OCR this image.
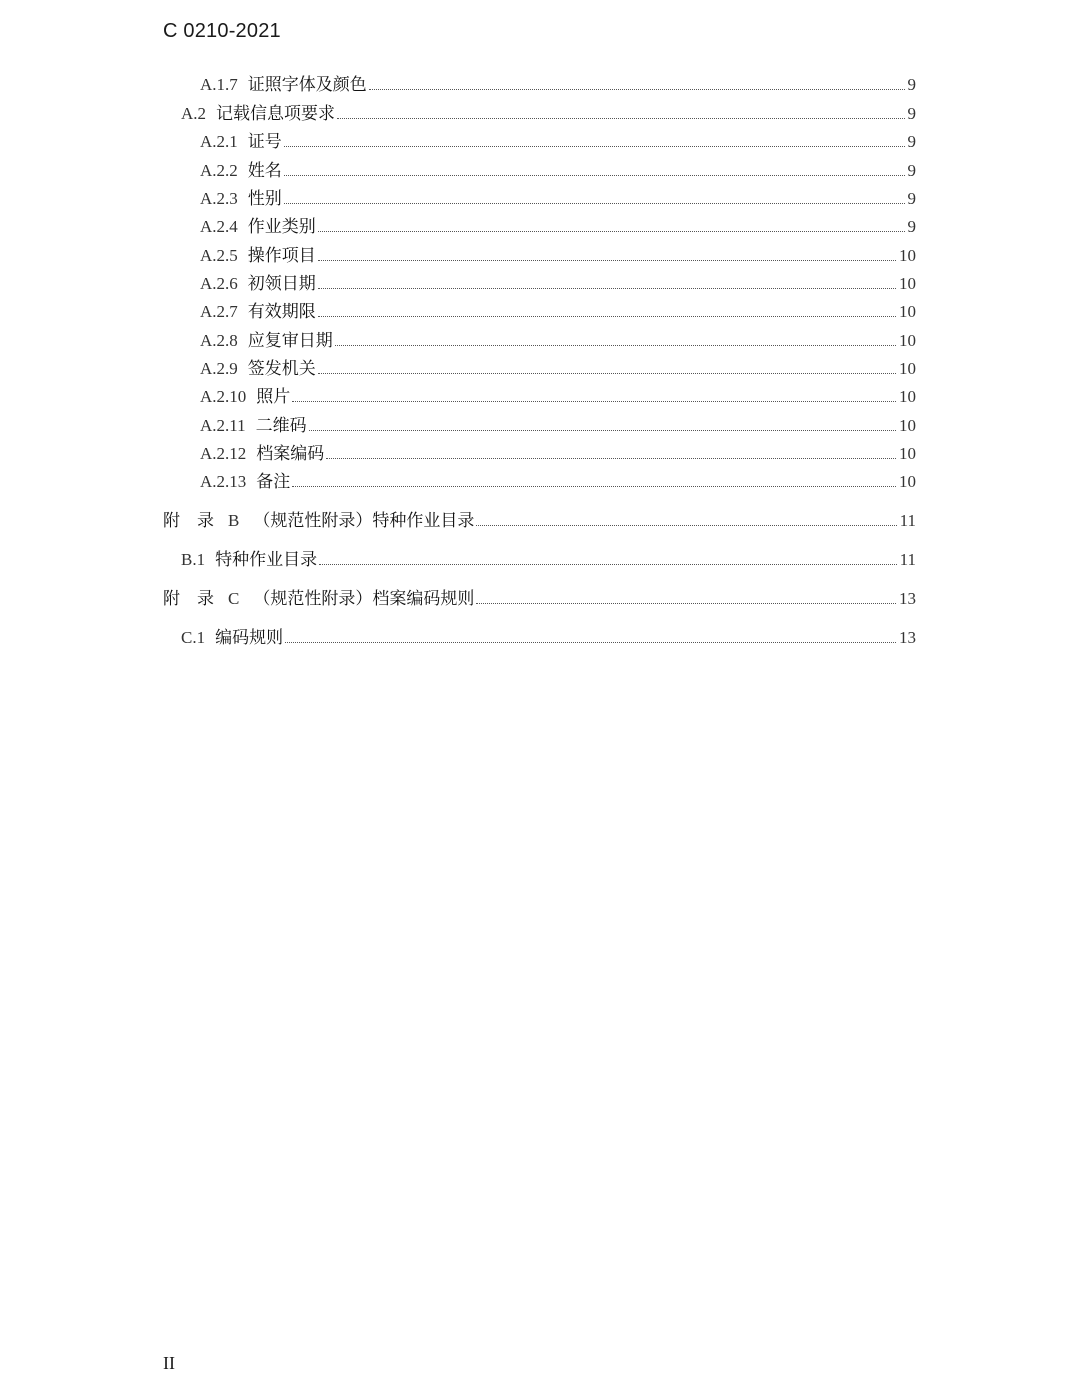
C 0210-2021
A.1.7 证照字体及颜色	9
A.2 记载信息项要求	9
A.2.1 证号	9
A.2.2 姓名	9
A.2.3 性别	9
A.2.4 作业类别	9
A.2.5 操作项目	10
A.2.6 初领日期	10
A.2.7 有效期限	10
A.2.8 应复审日期	10
A.2.9 签发机关	10
A.2.10 照片	10
A.2.11 二维码	10
A.2.12 档案编码	10
A.2.13 备注	10
附　录 B （规范性附录）特种作业目录	11
B.1 特种作业目录	11
附　录 C （规范性附录）档案编码规则	13
C.1 编码规则	13
II
